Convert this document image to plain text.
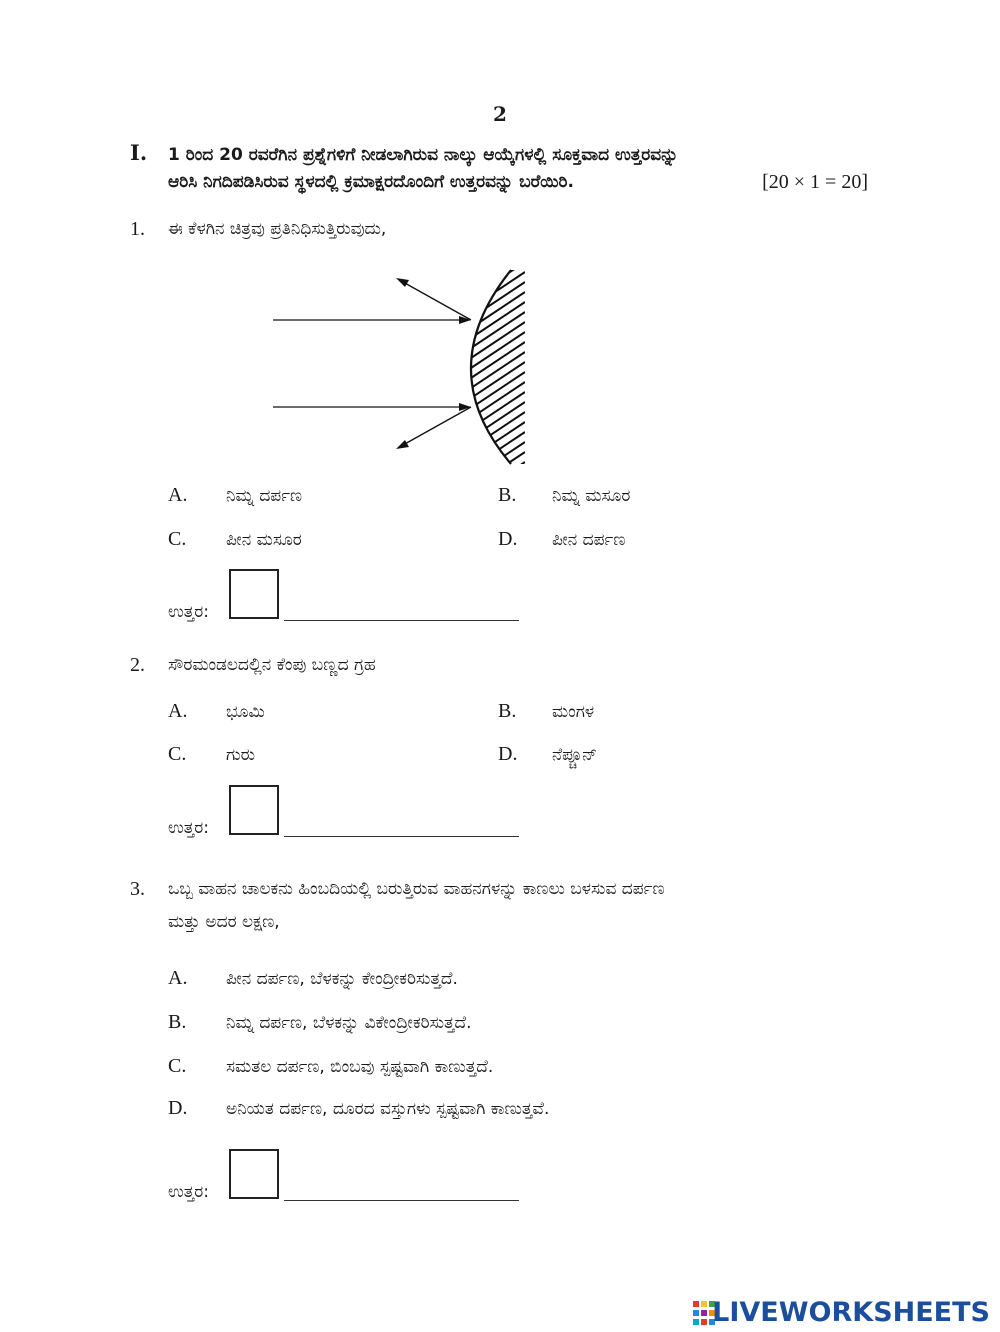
2
I. 1 ರಿಂದ 20 ರವರೆಗಿನ ಪ್ರಶ್ನೆಗಳಿಗೆ ನೀಡಲಾಗಿರುವ ನಾಲ್ಕು ಆಯ್ಕೆಗಳಲ್ಲಿ ಸೂಕ್ತವಾದ ಉತ್ತರವನ್ನು
[20 × 1 = 20]
ಆರಿಸಿ ನಿಗದಿಪಡಿಸಿರುವ ಸ್ಥಳದಲ್ಲಿ ಕ್ರಮಾಕ್ಷರದೊಂದಿಗೆ ಉತ್ತರವನ್ನು ಬರೆಯಿರಿ.
1. ಈ ಕೆಳಗಿನ ಚಿತ್ರವು ಪ್ರತಿನಿಧಿಸುತ್ತಿರುವುದು,
A. ನಿಮ್ನ ದರ್ಪಣ	B. ನಿಮ್ನ ಮಸೂರ
C. ಪೀನ ಮಸೂರ	D. ಪೀನ ದರ್ಪಣ
ಉತ್ತರ:
2. ಸೌರಮಂಡಲದಲ್ಲಿನ ಕೆಂಪು ಬಣ್ಣದ ಗ್ರಹ
A. ಭೂಮಿ	B. ಮಂಗಳ
C. ಗುರು	D. ನೆಪ್ಚೂನ್
ಉತ್ತರ:
3. ಒಬ್ಬ ವಾಹನ ಚಾಲಕನು ಹಿಂಬದಿಯಲ್ಲಿ ಬರುತ್ತಿರುವ ವಾಹನಗಳನ್ನು ಕಾಣಲು ಬಳಸುವ ದರ್ಪಣ
ಮತ್ತು ಅದರ ಲಕ್ಷಣ,
A. ಪೀನ ದರ್ಪಣ, ಬೆಳಕನ್ನು ಕೇಂದ್ರೀಕರಿಸುತ್ತದೆ.
B. ನಿಮ್ನ ದರ್ಪಣ, ಬೆಳಕನ್ನು ವಿಕೇಂದ್ರೀಕರಿಸುತ್ತದೆ.
C. ಸಮತಲ ದರ್ಪಣ, ಬಿಂಬವು ಸ್ಪಷ್ಟವಾಗಿ ಕಾಣುತ್ತದೆ.
D. ಅನಿಯತ ದರ್ಪಣ, ದೂರದ ವಸ್ತುಗಳು ಸ್ಪಷ್ಟವಾಗಿ ಕಾಣುತ್ತವೆ.
ಉತ್ತರ:
LIVEWORKSHEETS
